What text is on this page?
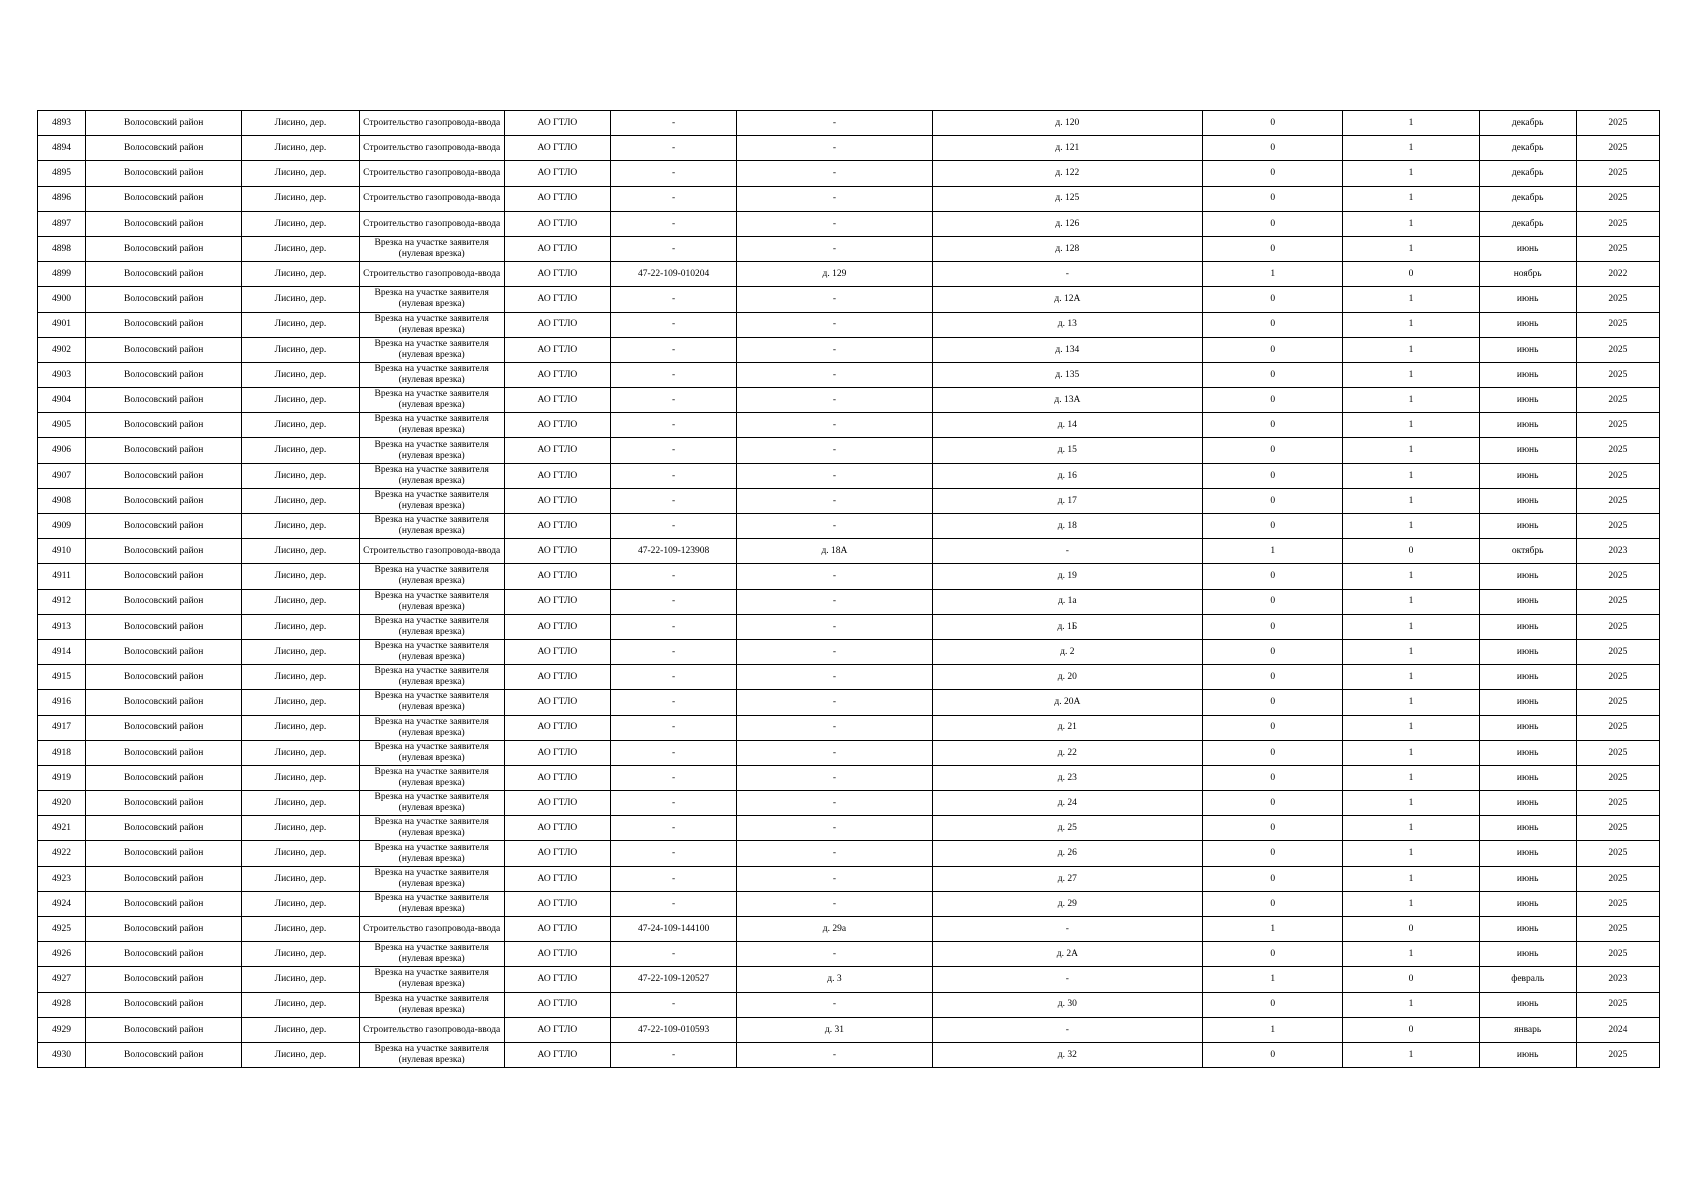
4893	Волосовский район	Лисино, дер.	Строительство газопровода-ввода	АО ГТЛО	-	-	д. 120	0	1	декабрь	2025
4894	Волосовский район	Лисино, дер.	Строительство газопровода-ввода	АО ГТЛО	-	-	д. 121	0	1	декабрь	2025
4895	Волосовский район	Лисино, дер.	Строительство газопровода-ввода	АО ГТЛО	-	-	д. 122	0	1	декабрь	2025
4896	Волосовский район	Лисино, дер.	Строительство газопровода-ввода	АО ГТЛО	-	-	д. 125	0	1	декабрь	2025
4897	Волосовский район	Лисино, дер.	Строительство газопровода-ввода	АО ГТЛО	-	-	д. 126	0	1	декабрь	2025
4898	Волосовский район	Лисино, дер.	Врезка на участке заявителя (нулевая врезка)	АО ГТЛО	-	-	д. 128	0	1	июнь	2025
4899	Волосовский район	Лисино, дер.	Строительство газопровода-ввода	АО ГТЛО	47-22-109-010204	д. 129	-	1	0	ноябрь	2022
4900	Волосовский район	Лисино, дер.	Врезка на участке заявителя (нулевая врезка)	АО ГТЛО	-	-	д. 12А	0	1	июнь	2025
4901	Волосовский район	Лисино, дер.	Врезка на участке заявителя (нулевая врезка)	АО ГТЛО	-	-	д. 13	0	1	июнь	2025
4902	Волосовский район	Лисино, дер.	Врезка на участке заявителя (нулевая врезка)	АО ГТЛО	-	-	д. 134	0	1	июнь	2025
4903	Волосовский район	Лисино, дер.	Врезка на участке заявителя (нулевая врезка)	АО ГТЛО	-	-	д. 135	0	1	июнь	2025
4904	Волосовский район	Лисино, дер.	Врезка на участке заявителя (нулевая врезка)	АО ГТЛО	-	-	д. 13А	0	1	июнь	2025
4905	Волосовский район	Лисино, дер.	Врезка на участке заявителя (нулевая врезка)	АО ГТЛО	-	-	д. 14	0	1	июнь	2025
4906	Волосовский район	Лисино, дер.	Врезка на участке заявителя (нулевая врезка)	АО ГТЛО	-	-	д. 15	0	1	июнь	2025
4907	Волосовский район	Лисино, дер.	Врезка на участке заявителя (нулевая врезка)	АО ГТЛО	-	-	д. 16	0	1	июнь	2025
4908	Волосовский район	Лисино, дер.	Врезка на участке заявителя (нулевая врезка)	АО ГТЛО	-	-	д. 17	0	1	июнь	2025
4909	Волосовский район	Лисино, дер.	Врезка на участке заявителя (нулевая врезка)	АО ГТЛО	-	-	д. 18	0	1	июнь	2025
4910	Волосовский район	Лисино, дер.	Строительство газопровода-ввода	АО ГТЛО	47-22-109-123908	д. 18А	-	1	0	октябрь	2023
4911	Волосовский район	Лисино, дер.	Врезка на участке заявителя (нулевая врезка)	АО ГТЛО	-	-	д. 19	0	1	июнь	2025
4912	Волосовский район	Лисино, дер.	Врезка на участке заявителя (нулевая врезка)	АО ГТЛО	-	-	д. 1а	0	1	июнь	2025
4913	Волосовский район	Лисино, дер.	Врезка на участке заявителя (нулевая врезка)	АО ГТЛО	-	-	д. 1Б	0	1	июнь	2025
4914	Волосовский район	Лисино, дер.	Врезка на участке заявителя (нулевая врезка)	АО ГТЛО	-	-	д. 2	0	1	июнь	2025
4915	Волосовский район	Лисино, дер.	Врезка на участке заявителя (нулевая врезка)	АО ГТЛО	-	-	д. 20	0	1	июнь	2025
4916	Волосовский район	Лисино, дер.	Врезка на участке заявителя (нулевая врезка)	АО ГТЛО	-	-	д. 20А	0	1	июнь	2025
4917	Волосовский район	Лисино, дер.	Врезка на участке заявителя (нулевая врезка)	АО ГТЛО	-	-	д. 21	0	1	июнь	2025
4918	Волосовский район	Лисино, дер.	Врезка на участке заявителя (нулевая врезка)	АО ГТЛО	-	-	д. 22	0	1	июнь	2025
4919	Волосовский район	Лисино, дер.	Врезка на участке заявителя (нулевая врезка)	АО ГТЛО	-	-	д. 23	0	1	июнь	2025
4920	Волосовский район	Лисино, дер.	Врезка на участке заявителя (нулевая врезка)	АО ГТЛО	-	-	д. 24	0	1	июнь	2025
4921	Волосовский район	Лисино, дер.	Врезка на участке заявителя (нулевая врезка)	АО ГТЛО	-	-	д. 25	0	1	июнь	2025
4922	Волосовский район	Лисино, дер.	Врезка на участке заявителя (нулевая врезка)	АО ГТЛО	-	-	д. 26	0	1	июнь	2025
4923	Волосовский район	Лисино, дер.	Врезка на участке заявителя (нулевая врезка)	АО ГТЛО	-	-	д. 27	0	1	июнь	2025
4924	Волосовский район	Лисино, дер.	Врезка на участке заявителя (нулевая врезка)	АО ГТЛО	-	-	д. 29	0	1	июнь	2025
4925	Волосовский район	Лисино, дер.	Строительство газопровода-ввода	АО ГТЛО	47-24-109-144100	д. 29а	-	1	0	июнь	2025
4926	Волосовский район	Лисино, дер.	Врезка на участке заявителя (нулевая врезка)	АО ГТЛО	-	-	д. 2А	0	1	июнь	2025
4927	Волосовский район	Лисино, дер.	Врезка на участке заявителя (нулевая врезка)	АО ГТЛО	47-22-109-120527	д. 3	-	1	0	февраль	2023
4928	Волосовский район	Лисино, дер.	Врезка на участке заявителя (нулевая врезка)	АО ГТЛО	-	-	д. 30	0	1	июнь	2025
4929	Волосовский район	Лисино, дер.	Строительство газопровода-ввода	АО ГТЛО	47-22-109-010593	д. 31	-	1	0	январь	2024
4930	Волосовский район	Лисино, дер.	Врезка на участке заявителя (нулевая врезка)	АО ГТЛО	-	-	д. 32	0	1	июнь	2025
